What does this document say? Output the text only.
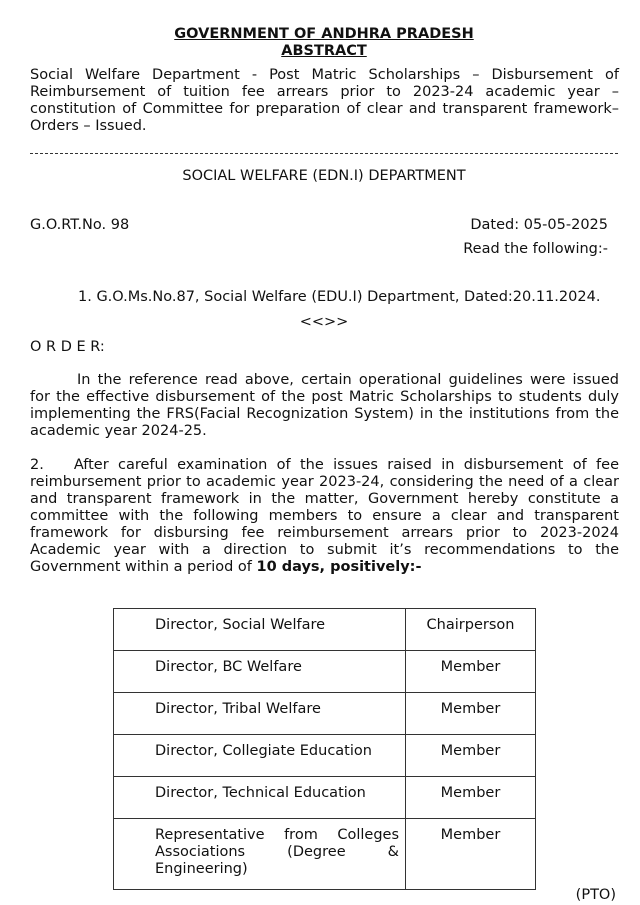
GOVERNMENT OF ANDHRA PRADESH
ABSTRACT
Social Welfare Department - Post Matric Scholarships – Disbursement of Reimbursement of tuition fee arrears prior to 2023-24 academic year – constitution of Committee for preparation of clear and transparent framework– Orders – Issued.
SOCIAL WELFARE (EDN.I) DEPARTMENT
G.O.RT.No. 98	Dated: 05-05-2025
Read the following:-
1. G.O.Ms.No.87, Social Welfare (EDU.I) Department, Dated:20.11.2024.
<<>>
O R D E R:
In the reference read above, certain operational guidelines were issued for the effective disbursement of the post Matric Scholarships to students duly implementing the FRS(Facial Recognization System) in the institutions from the academic year 2024-25.
2. After careful examination of the issues raised in disbursement of fee reimbursement prior to academic year 2023-24, considering the need of a clear and transparent framework in the matter, Government hereby constitute a committee with the following members to ensure a clear and transparent framework for disbursing fee reimbursement arrears prior to 2023-2024 Academic year with a direction to submit it’s recommendations to the Government within a period of 10 days, positively:-
Director, Social Welfare	Chairperson
Director, BC Welfare	Member
Director, Tribal Welfare	Member
Director, Collegiate Education	Member
Director, Technical Education	Member
Representative from Colleges Associations (Degree & Engineering)	Member
(PTO)
